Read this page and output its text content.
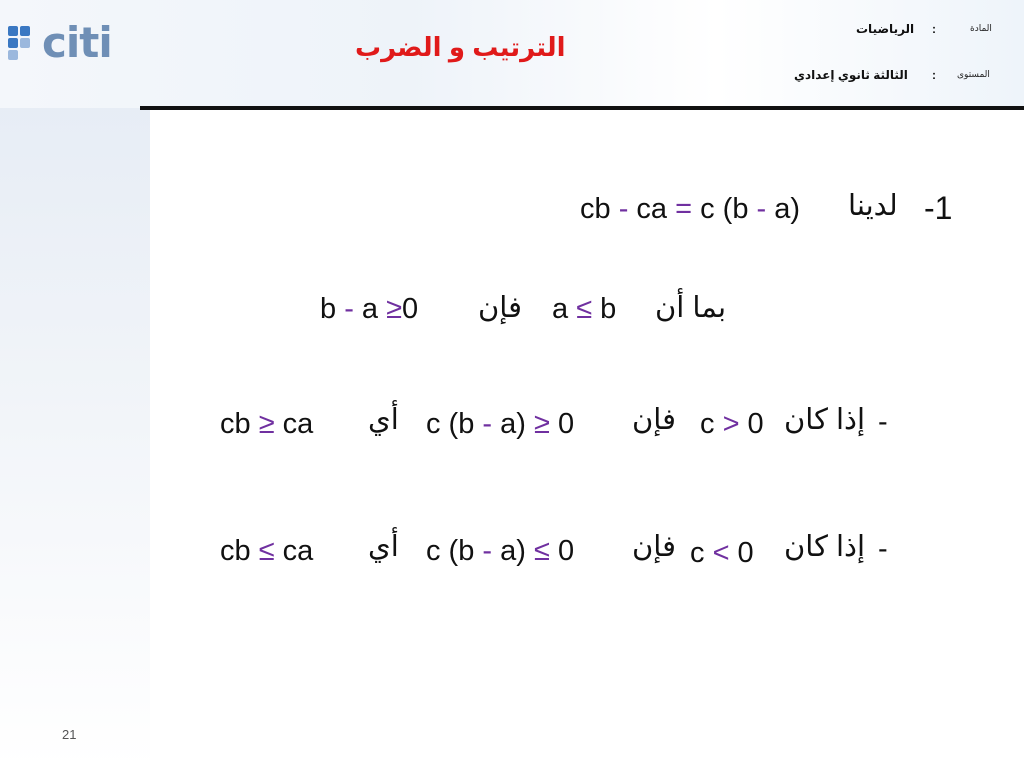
citi	الترتيب و الضرب
المادة
:
الرياضيات
المستوى
:
الثالثة ثانوي إعدادي
cb - ca = c (b - a) لدينا -1
b - a ≥0 فإن a ≤ b بما أن
cb ≥ ca أي c (b - a) ≥ 0 فإن c > 0 إذا كان -
cb ≤ ca أي c (b - a) ≤ 0 فإن c < 0 إذا كان -
21
